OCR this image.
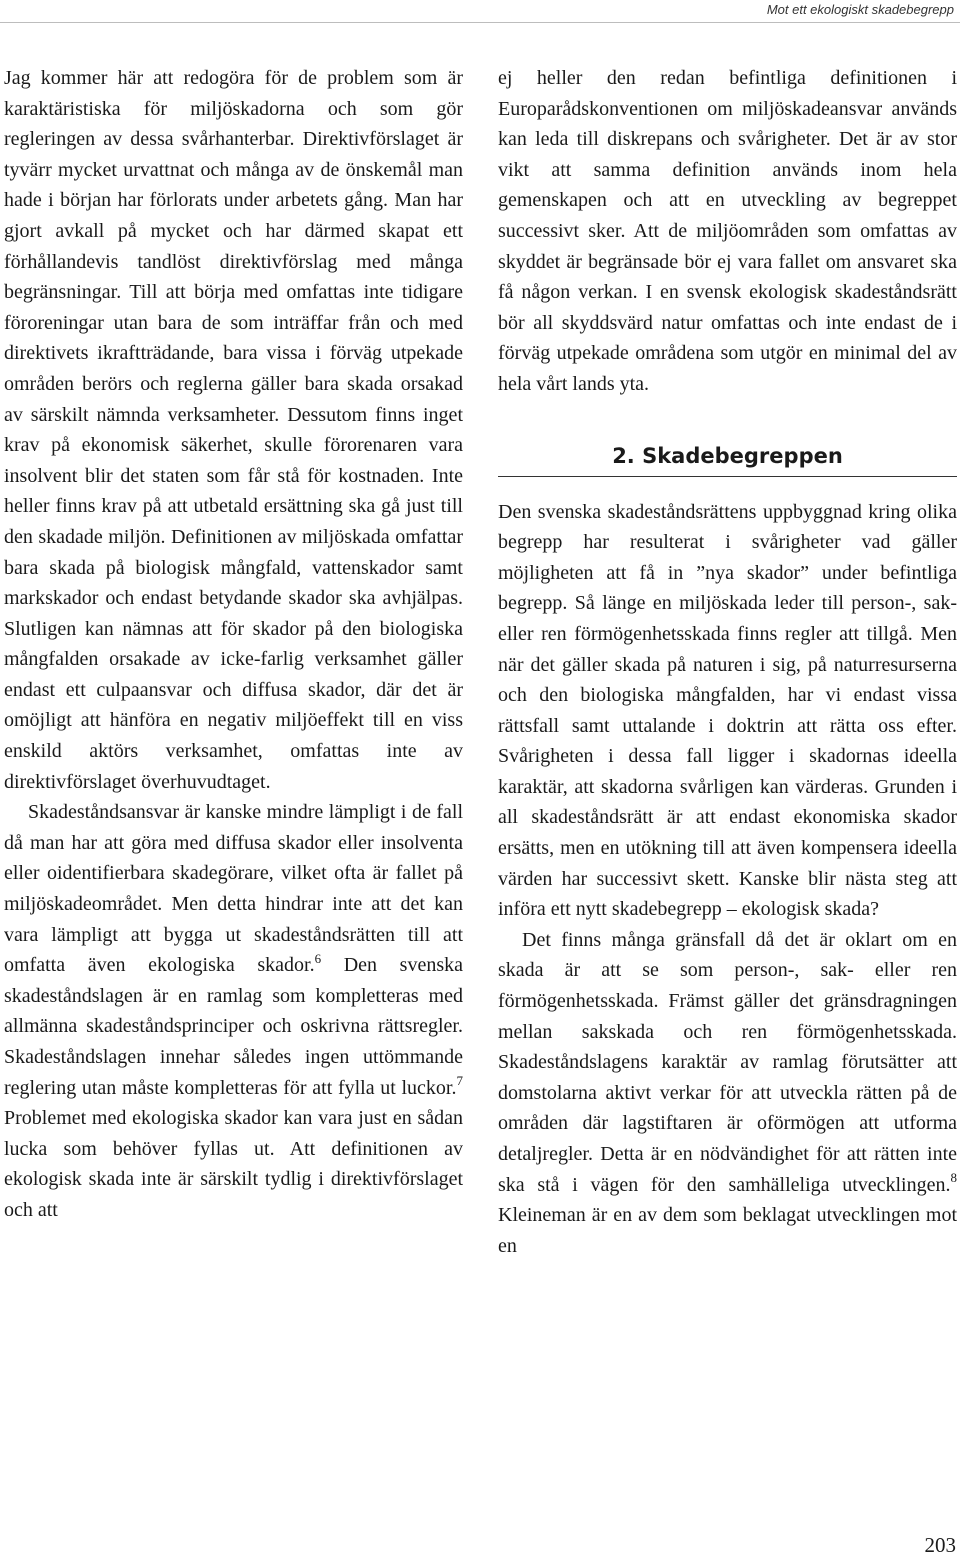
Mot ett ekologiskt skadebegrepp

Jag kommer här att redogöra för de problem som är karaktäristiska för miljöskadorna och som gör regleringen av dessa svårhanterbar. Direktivförslaget är tyvärr mycket urvattnat och många av de önskemål man hade i början har förlorats under arbetets gång. Man har gjort avkall på mycket och har därmed skapat ett förhållandevis tandlöst direktivförslag med många begränsningar. Till att börja med omfattas inte tidigare föroreningar utan bara de som inträffar från och med direktivets ikraftträdande, bara vissa i förväg utpekade områden berörs och reglerna gäller bara skada orsakad av särskilt nämnda verksamheter. Dessutom finns inget krav på ekonomisk säkerhet, skulle förorenaren vara insolvent blir det staten som får stå för kostnaden. Inte heller finns krav på att utbetald ersättning ska gå just till den skadade miljön. Definitionen av miljöskada omfattar bara skada på biologisk mångfald, vattenskador samt markskador och endast betydande skador ska avhjälpas. Slutligen kan nämnas att för skador på den biologiska mångfalden orsakade av icke-farlig verksamhet gäller endast ett culpaansvar och diffusa skador, där det är omöjligt att hänföra en negativ miljöeffekt till en viss enskild aktörs verksamhet, omfattas inte av direktivförslaget överhuvudtaget.

Skadeståndsansvar är kanske mindre lämpligt i de fall då man har att göra med diffusa skador eller insolventa eller oidentifierbara skadegörare, vilket ofta är fallet på miljöskadeområdet. Men detta hindrar inte att det kan vara lämpligt att bygga ut skadeståndsrätten till att omfatta även ekologiska skador.$^6$ Den svenska skadeståndslagen är en ramlag som kompletteras med allmänna skadeståndsprinciper och oskrivna rättsregler. Skadeståndslagen innehar således ingen uttömmande reglering utan måste kompletteras för att fylla ut luckor.$^7$ Problemet med ekologiska skador kan vara just en sådan lucka som behöver fyllas ut. Att definitionen av ekologisk skada inte är särskilt tydlig i direktivförslaget och att

ej heller den redan befintliga definitionen i Europarådskonventionen om miljöskadeansvar används kan leda till diskrepans och svårigheter. Det är av stor vikt att samma definition används inom hela gemenskapen och att en utveckling av begreppet successivt sker. Att de miljöområden som omfattas av skyddet är begränsade bör ej vara fallet om ansvaret ska få någon verkan. I en svensk ekologisk skadeståndsrätt bör all skyddsvärd natur omfattas och inte endast de i förväg utpekade områdena som utgör en minimal del av hela vårt lands yta.

2. Skadebegreppen

Den svenska skadeståndsrättens uppbyggnad kring olika begrepp har resulterat i svårigheter vad gäller möjligheten att få in ”nya skador” under befintliga begrepp. Så länge en miljöskada leder till person-, sak- eller ren förmögenhetsskada finns regler att tillgå. Men när det gäller skada på naturen i sig, på naturresurserna och den biologiska mångfalden, har vi endast vissa rättsfall samt uttalande i doktrin att rätta oss efter. Svårigheten i dessa fall ligger i skadornas ideella karaktär, att skadorna svårligen kan värderas. Grunden i all skadeståndsrätt är att endast ekonomiska skador ersätts, men en utökning till att även kompensera ideella värden har successivt skett. Kanske blir nästa steg att införa ett nytt skadebegrepp – ekologisk skada?

Det finns många gränsfall då det är oklart om en skada är att se som person-, sak- eller ren förmögenhetsskada. Främst gäller det gränsdragningen mellan sakskada och ren förmögenhetsskada. Skadeståndslagens karaktär av ramlag förutsätter att domstolarna aktivt verkar för att utveckla rätten på de områden där lagstiftaren är oförmögen att utforma detaljregler. Detta är en nödvändighet för att rätten inte ska stå i vägen för den samhälleliga utvecklingen.$^8$ Kleineman är en av dem som beklagat utvecklingen mot en

203
